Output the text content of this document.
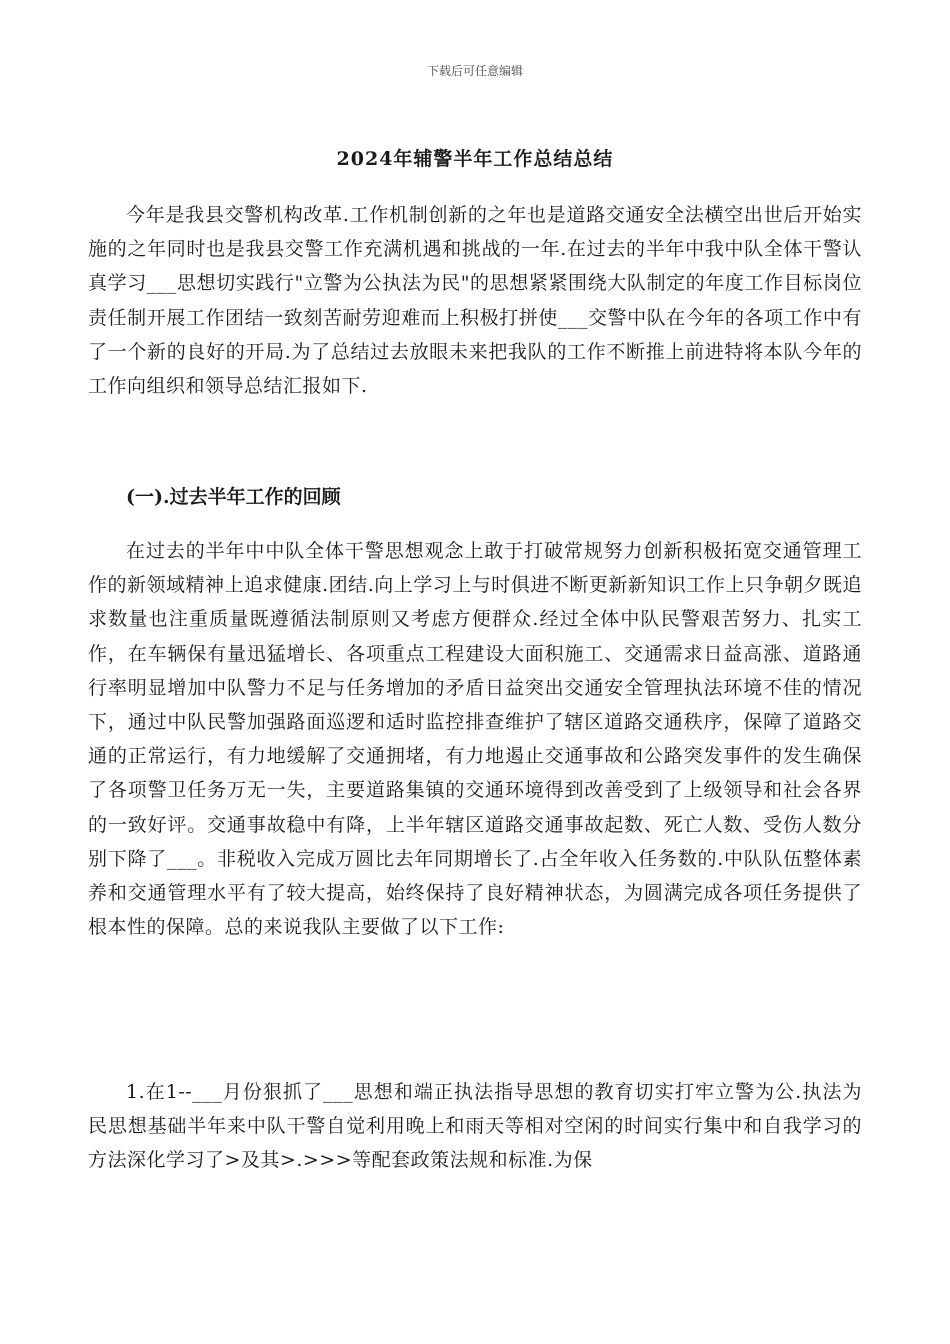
下载后可任意编辑
2024年辅警半年工作总结总结

今年是我县交警机构改革.工作机制创新的之年也是道路交通安全法横空出世后开始实施的之年同时也是我县交警工作充满机遇和挑战的一年.在过去的半年中我中队全体干警认真学习___思想切实践行"立警为公执法为民"的思想紧紧围绕大队制定的年度工作目标岗位责任制开展工作团结一致刻苦耐劳迎难而上积极打拼使___交警中队在今年的各项工作中有了一个新的良好的开局.为了总结过去放眼未来把我队的工作不断推上前进特将本队今年的工作向组织和领导总结汇报如下.

(一).过去半年工作的回顾

在过去的半年中中队全体干警思想观念上敢于打破常规努力创新积极拓宽交通管理工作的新领域精神上追求健康.团结.向上学习上与时俱进不断更新新知识工作上只争朝夕既追求数量也注重质量既遵循法制原则又考虑方便群众.经过全体中队民警艰苦努力、扎实工作，在车辆保有量迅猛增长、各项重点工程建设大面积施工、交通需求日益高涨、道路通行率明显增加中队警力不足与任务增加的矛盾日益突出交通安全管理执法环境不佳的情况下，通过中队民警加强路面巡逻和适时监控排查维护了辖区道路交通秩序，保障了道路交通的正常运行，有力地缓解了交通拥堵，有力地遏止交通事故和公路突发事件的发生确保了各项警卫任务万无一失，主要道路集镇的交通环境得到改善受到了上级领导和社会各界的一致好评。交通事故稳中有降，上半年辖区道路交通事故起数、死亡人数、受伤人数分别下降了___。非税收入完成万圆比去年同期增长了.占全年收入任务数的.中队队伍整体素养和交通管理水平有了较大提高，始终保持了良好精神状态，为圆满完成各项任务提供了根本性的保障。总的来说我队主要做了以下工作:

1.在1--___月份狠抓了___思想和端正执法指导思想的教育切实打牢立警为公.执法为民思想基础半年来中队干警自觉利用晚上和雨天等相对空闲的时间实行集中和自我学习的方法深化学习了>及其>.>>>等配套政策法规和标准.为保
